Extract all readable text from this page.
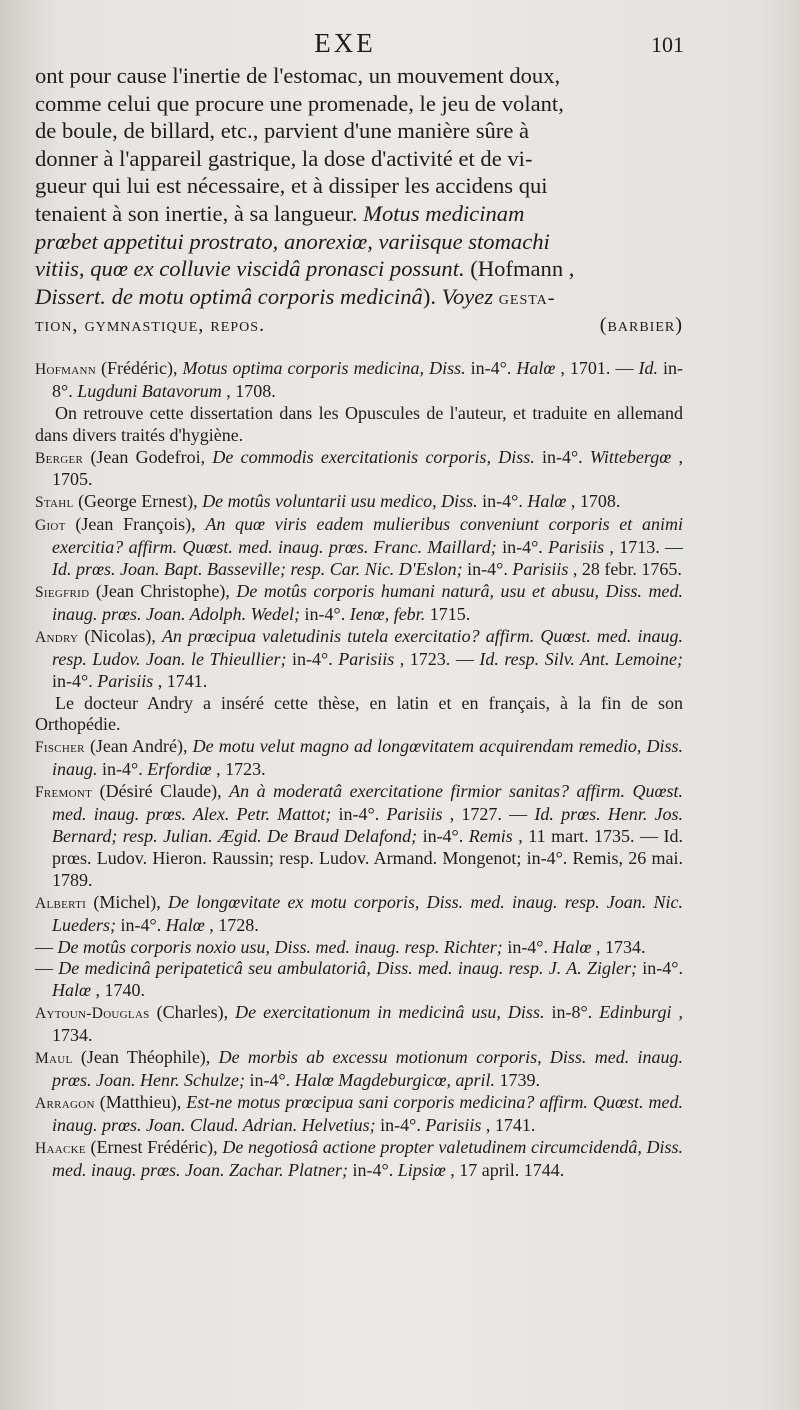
EXE	101

ont pour cause l'inertie de l'estomac, un mouvement doux,

comme celui que procure une promenade, le jeu de volant,

de boule, de billard, etc., parvient d'une manière sûre à

donner à l'appareil gastrique, la dose d'activité et de vi-

gueur qui lui est nécessaire, et à dissiper les accidens qui

tenaient à son inertie, à sa langueur. Motus medicinam

prœbet appetitui prostrato, anorexiœ, variisque stomachi

vitiis, quœ ex colluvie viscidâ pronasci possunt. (Hofmann ,

Dissert. de motu optimâ corporis medicinâ). Voyez gesta-

tion, gymnastique, repos.	(barbier)

Hofmann (Frédéric), Motus optima corporis medicina, Diss. in-4°. Halœ , 1701. — Id. in-8°. Lugduni Batavorum , 1708.

On retrouve cette dissertation dans les Opuscules de l'auteur, et traduite en allemand dans divers traités d'hygiène.

Berger (Jean Godefroi, De commodis exercitationis corporis, Diss. in-4°. Wittebergœ , 1705.

Stahl (George Ernest), De motûs voluntarii usu medico, Diss. in-4°. Halœ , 1708.

Giot (Jean François), An quœ viris eadem mulieribus conveniunt corporis et animi exercitia? affirm. Quœst. med. inaug. prœs. Franc. Maillard; in-4°. Parisiis , 1713. — Id. prœs. Joan. Bapt. Basseville; resp. Car. Nic. D'Eslon; in-4°. Parisiis , 28 febr. 1765.

Siegfrid (Jean Christophe), De motûs corporis humani naturâ, usu et abusu, Diss. med. inaug. prœs. Joan. Adolph. Wedel; in-4°. Ienœ, febr. 1715.

Andry (Nicolas), An prœcipua valetudinis tutela exercitatio? affirm. Quœst. med. inaug. resp. Ludov. Joan. le Thieullier; in-4°. Parisiis , 1723. — Id. resp. Silv. Ant. Lemoine; in-4°. Parisiis , 1741.

Le docteur Andry a inséré cette thèse, en latin et en français, à la fin de son Orthopédie.

Fischer (Jean André), De motu velut magno ad longœvitatem acquirendam remedio, Diss. inaug. in-4°. Erfordiœ , 1723.

Fremont (Désiré Claude), An à moderatâ exercitatione firmior sanitas? affirm. Quœst. med. inaug. prœs. Alex. Petr. Mattot; in-4°. Parisiis , 1727. — Id. prœs. Henr. Jos. Bernard; resp. Julian. Ægid. De Braud Delafond; in-4°. Remis , 11 mart. 1735. — Id. prœs. Ludov. Hieron. Raussin; resp. Ludov. Armand. Mongenot; in-4°. Remis, 26 mai. 1789.

Alberti (Michel), De longœvitate ex motu corporis, Diss. med. inaug. resp. Joan. Nic. Lueders; in-4°. Halœ , 1728.

— De motûs corporis noxio usu, Diss. med. inaug. resp. Richter; in-4°. Halœ , 1734.

— De medicinâ peripateticâ seu ambulatoriâ, Diss. med. inaug. resp. J. A. Zigler; in-4°. Halœ , 1740.

Aytoun-Douglas (Charles), De exercitationum in medicinâ usu, Diss. in-8°. Edinburgi , 1734.

Maul (Jean Théophile), De morbis ab excessu motionum corporis, Diss. med. inaug. prœs. Joan. Henr. Schulze; in-4°. Halœ Magdeburgicœ, april. 1739.

Arragon (Matthieu), Est-ne motus prœcipua sani corporis medicina? affirm. Quœst. med. inaug. prœs. Joan. Claud. Adrian. Helvetius; in-4°. Parisiis , 1741.

Haacke (Ernest Frédéric), De negotiosâ actione propter valetudinem circumcidendâ, Diss. med. inaug. prœs. Joan. Zachar. Platner; in-4°. Lipsiœ , 17 april. 1744.
